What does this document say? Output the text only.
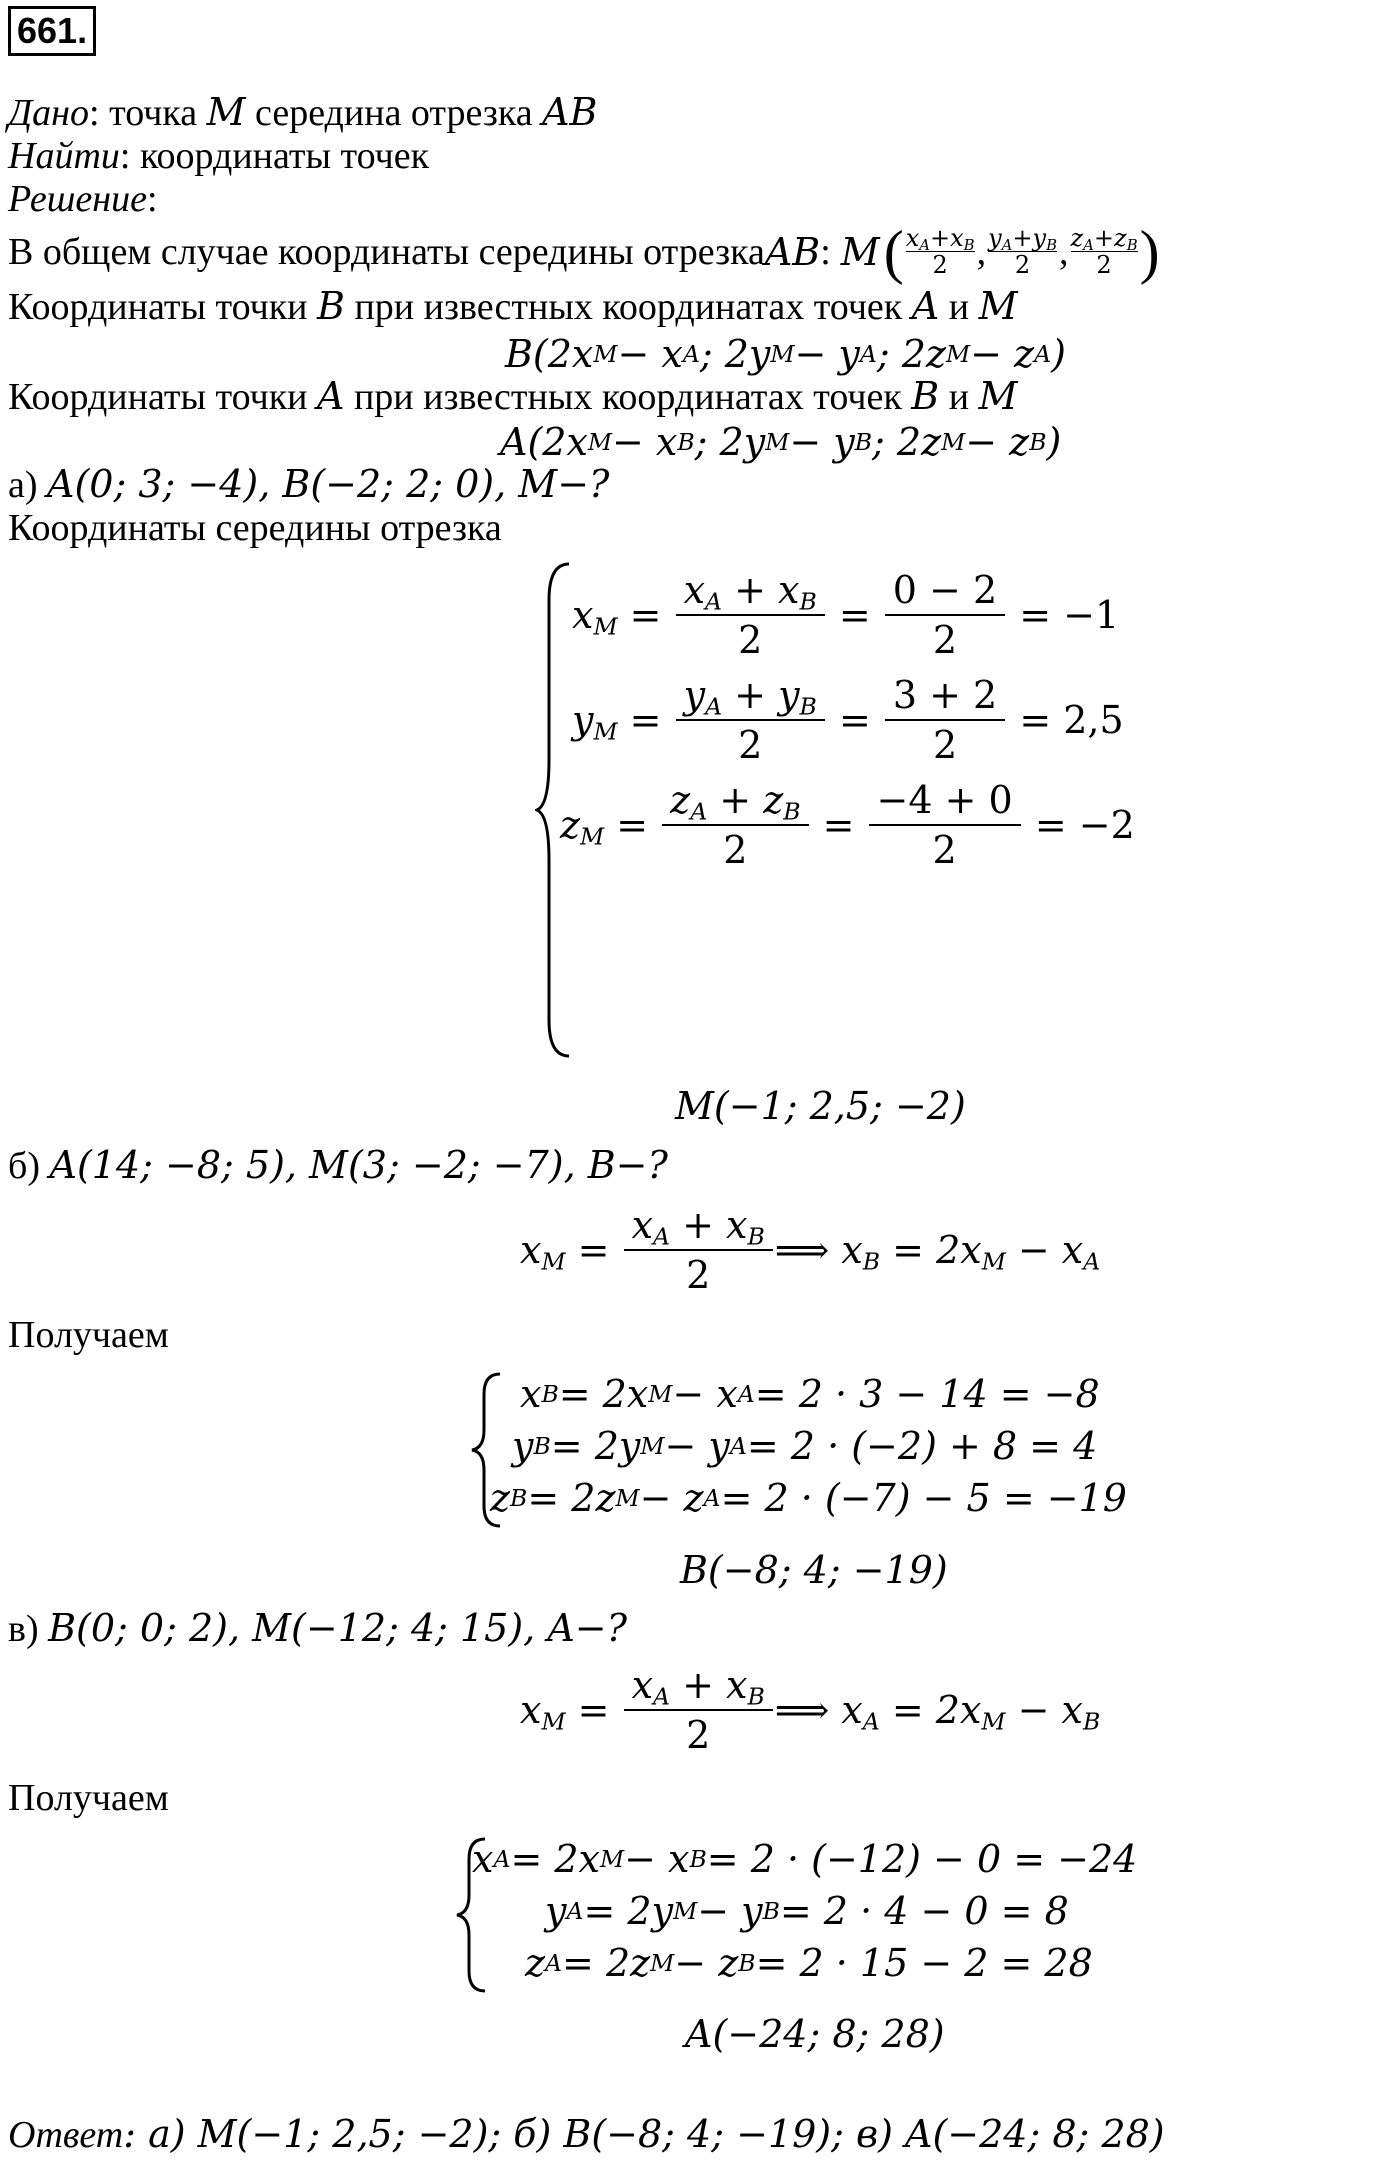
661.
Дано: точка M середина отрезка AB
Найти: координаты точек
Решение:
В общем случае координаты середины отрезка AB : M ( $x_A+x_B$
2 , $y_A+y_B$
2 , $z_A+z_B$
2 )
Координаты точки B при известных координатах точек A и M
B(2x M − x A ; 2y M − y A ; 2z M − z A )
Координаты точки A при известных координатах точек B и M
A(2x M − x B ; 2y M − y B ; 2z M − z B )
а) A(0; 3; −4), B(−2; 2; 0), M−?
Координаты середины отрезка
$x_M = \frac{x_A + x_B}{2} = \frac{0 - 2}{2}$
= −1
$y_M = \frac{y_A + y_B}{2} = \frac{3 + 2}{2}$
= 2,5
$z_M = \frac{z_A + z_B}{2} = \frac{-4 + 0}{2}$
= −2
M(−1; 2,5; −2)
б) A(14; −8; 5), M(3; −2; −7), B−?
$x_M = \frac{x_A + x_B}{2}$ ⟹ $x_B = 2x_M - x_A$
Получаем
x B = 2x M − x A = 2 · 3 − 14 = −8
y B = 2y M − y A = 2 · (−2) + 8 = 4
z B = 2z M − z A = 2 · (−7) − 5 = −19
B(−8; 4; −19)
в) B(0; 0; 2), M(−12; 4; 15), A−?
$x_M = \frac{x_A + x_B}{2}$ ⟹ $x_A = 2x_M - x_B$
Получаем
x A = 2x M − x B = 2 · (−12) − 0 = −24
y A = 2y M − y B = 2 · 4 − 0 = 8
z A = 2z M − z B = 2 · 15 − 2 = 28
A(−24; 8; 28)
Ответ: а) M(−1; 2,5; −2); б) B(−8; 4; −19); в) A(−24; 8; 28)
